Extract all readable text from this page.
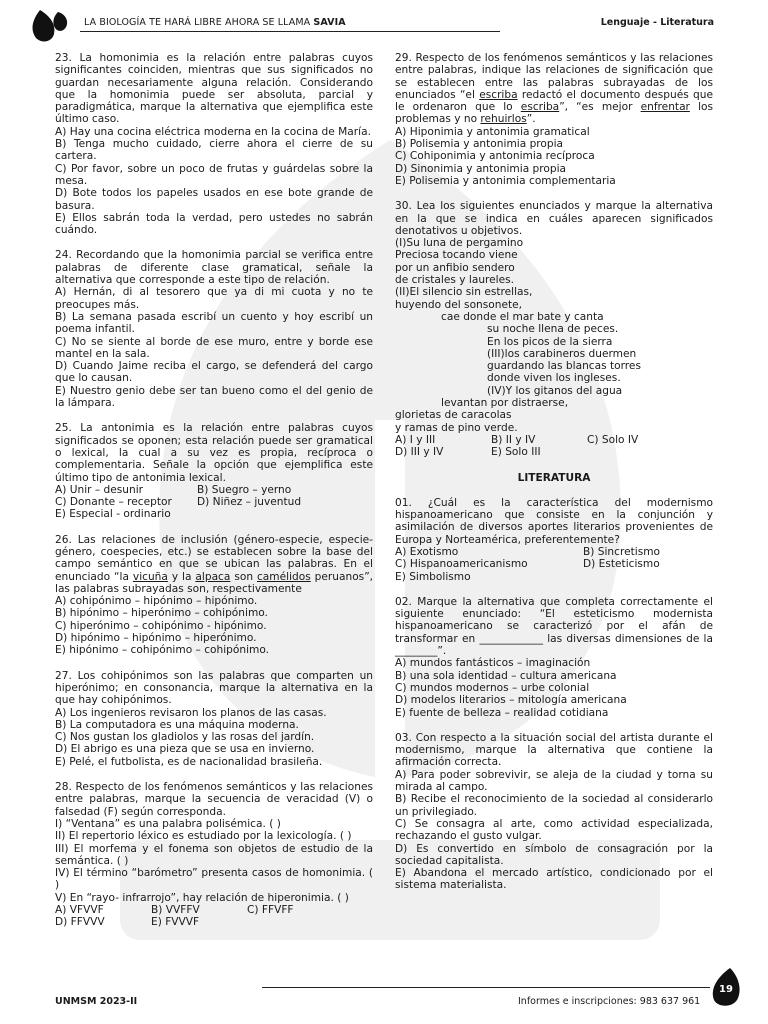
LA BIOLOGÍA TE HARÁ LIBRE AHORA SE LLAMA SAVIA	Lenguaje - Literatura

23. La homonimia es la relación entre palabras cuyos significantes coinciden, mientras que sus significados no guardan necesariamente alguna relación. Considerando que la homonimia puede ser absoluta, parcial y paradigmática, marque la alternativa que ejemplifica este último caso.

A) Hay una cocina eléctrica moderna en la cocina de María.

B) Tenga mucho cuidado, cierre ahora el cierre de su cartera.

C) Por favor, sobre un poco de frutas y guárdelas sobre la mesa.

D) Bote todos los papeles usados en ese bote grande de basura.

E) Ellos sabrán toda la verdad, pero ustedes no sabrán cuándo.

24. Recordando que la homonimia parcial se verifica entre palabras de diferente clase gramatical, señale la alternativa que corresponde a este tipo de relación.

A) Hernán, di al tesorero que ya di mi cuota y no te preocupes más.

B) La semana pasada escribí un cuento y hoy escribí un poema infantil.

C) No se siente al borde de ese muro, entre y borde ese mantel en la sala.

D) Cuando Jaime reciba el cargo, se defenderá del cargo que lo causan.

E) Nuestro genio debe ser tan bueno como el del genio de la lámpara.

25. La antonimia es la relación entre palabras cuyos significados se oponen; esta relación puede ser gramatical o lexical, la cual a su vez es propia, recíproca o complementaria. Señale la opción que ejemplifica este último tipo de antonimia lexical.

A) Unir – desunir	B) Suegro – yerno
C) Donante – receptor	D) Niñez – juventud
E) Especial - ordinario

26. Las relaciones de inclusión (género-especie, especie-género, coespecies, etc.) se establecen sobre la base del campo semántico en que se ubican las palabras. En el enunciado “la vicuña y la alpaca son camélidos peruanos”, las palabras subrayadas son, respectivamente

A) cohipónimo – hipónimo – hipónimo.

B) hipónimo – hiperónimo – cohipónimo.

C) hiperónimo – cohipónimo - hipónimo.

D) hipónimo – hipónimo – hiperónimo.

E) hipónimo – cohipónimo – cohipónimo.

27. Los cohipónimos son las palabras que comparten un hiperónimo; en consonancia, marque la alternativa en la que hay cohipónimos.

A) Los ingenieros revisaron los planos de las casas.

B) La computadora es una máquina moderna.

C) Nos gustan los gladiolos y las rosas del jardín.

D) El abrigo es una pieza que se usa en invierno.

E) Pelé, el futbolista, es de nacionalidad brasileña.

28. Respecto de los fenómenos semánticos y las relaciones entre palabras, marque la secuencia de veracidad (V) o falsedad (F) según corresponda.

I) “Ventana” es una palabra polisémica. ( )

II) El repertorio léxico es estudiado por la lexicología. ( )

III) El morfema y el fonema son objetos de estudio de la semántica. ( )

IV) El término “barómetro” presenta casos de homonimia. ( )

V) En “rayo- infrarrojo”, hay relación de hiperonimia. ( )

A) VFVVF	B) VVFFV	C) FFVFF
D) FFVVV	E) FVVVF

29. Respecto de los fenómenos semánticos y las relaciones entre palabras, indique las relaciones de significación que se establecen entre las palabras subrayadas de los enunciados “el escriba redactó el documento después que le ordenaron que lo escriba”, “es mejor enfrentar los problemas y no rehuirlos”.

A) Hiponimia y antonimia gramatical

B) Polisemia y antonimia propia

C) Cohiponimia y antonimia recíproca

D) Sinonimia y antonimia propia

E) Polisemia y antonimia complementaria

30. Lea los siguientes enunciados y marque la alternativa en la que se indica en cuáles aparecen significados denotativos u objetivos.

(I)Su luna de pergamino

Preciosa tocando viene

por un anfibio sendero

de cristales y laureles.

(II)El silencio sin estrellas,

huyendo del sonsonete,

cae donde el mar bate y canta

su noche llena de peces.

En los picos de la sierra

(III)los carabineros duermen

guardando las blancas torres

donde viven los ingleses.

(IV)Y los gitanos del agua

levantan por distraerse,

glorietas de caracolas

y ramas de pino verde.

A) I y III	B) II y IV	C) Solo IV
D) III y IV	E) Solo III
LITERATURA

01. ¿Cuál es la característica del modernismo hispanoamericano que consiste en la conjunción y asimilación de diversos aportes literarios provenientes de Europa y Norteamérica, preferentemente?

A) Exotismo	B) Sincretismo
C) Hispanoamericanismo	D) Esteticismo
E) Simbolismo

02. Marque la alternativa que completa correctamente el siguiente enunciado: “El esteticismo modernista hispanoamericano se caracterizó por el afán de transformar en ____________ las diversas dimensiones de la ________”.

A) mundos fantásticos – imaginación

B) una sola identidad – cultura americana

C) mundos modernos – urbe colonial

D) modelos literarios – mitología americana

E) fuente de belleza – realidad cotidiana

03. Con respecto a la situación social del artista durante el modernismo, marque la alternativa que contiene la afirmación correcta.

A) Para poder sobrevivir, se aleja de la ciudad y torna su mirada al campo.

B) Recibe el reconocimiento de la sociedad al considerarlo un privilegiado.

C) Se consagra al arte, como actividad especializada, rechazando el gusto vulgar.

D) Es convertido en símbolo de consagración por la sociedad capitalista.

E) Abandona el mercado artístico, condicionado por el sistema materialista.

UNMSM 2023-II	Informes e inscripciones: 983 637 961
19
